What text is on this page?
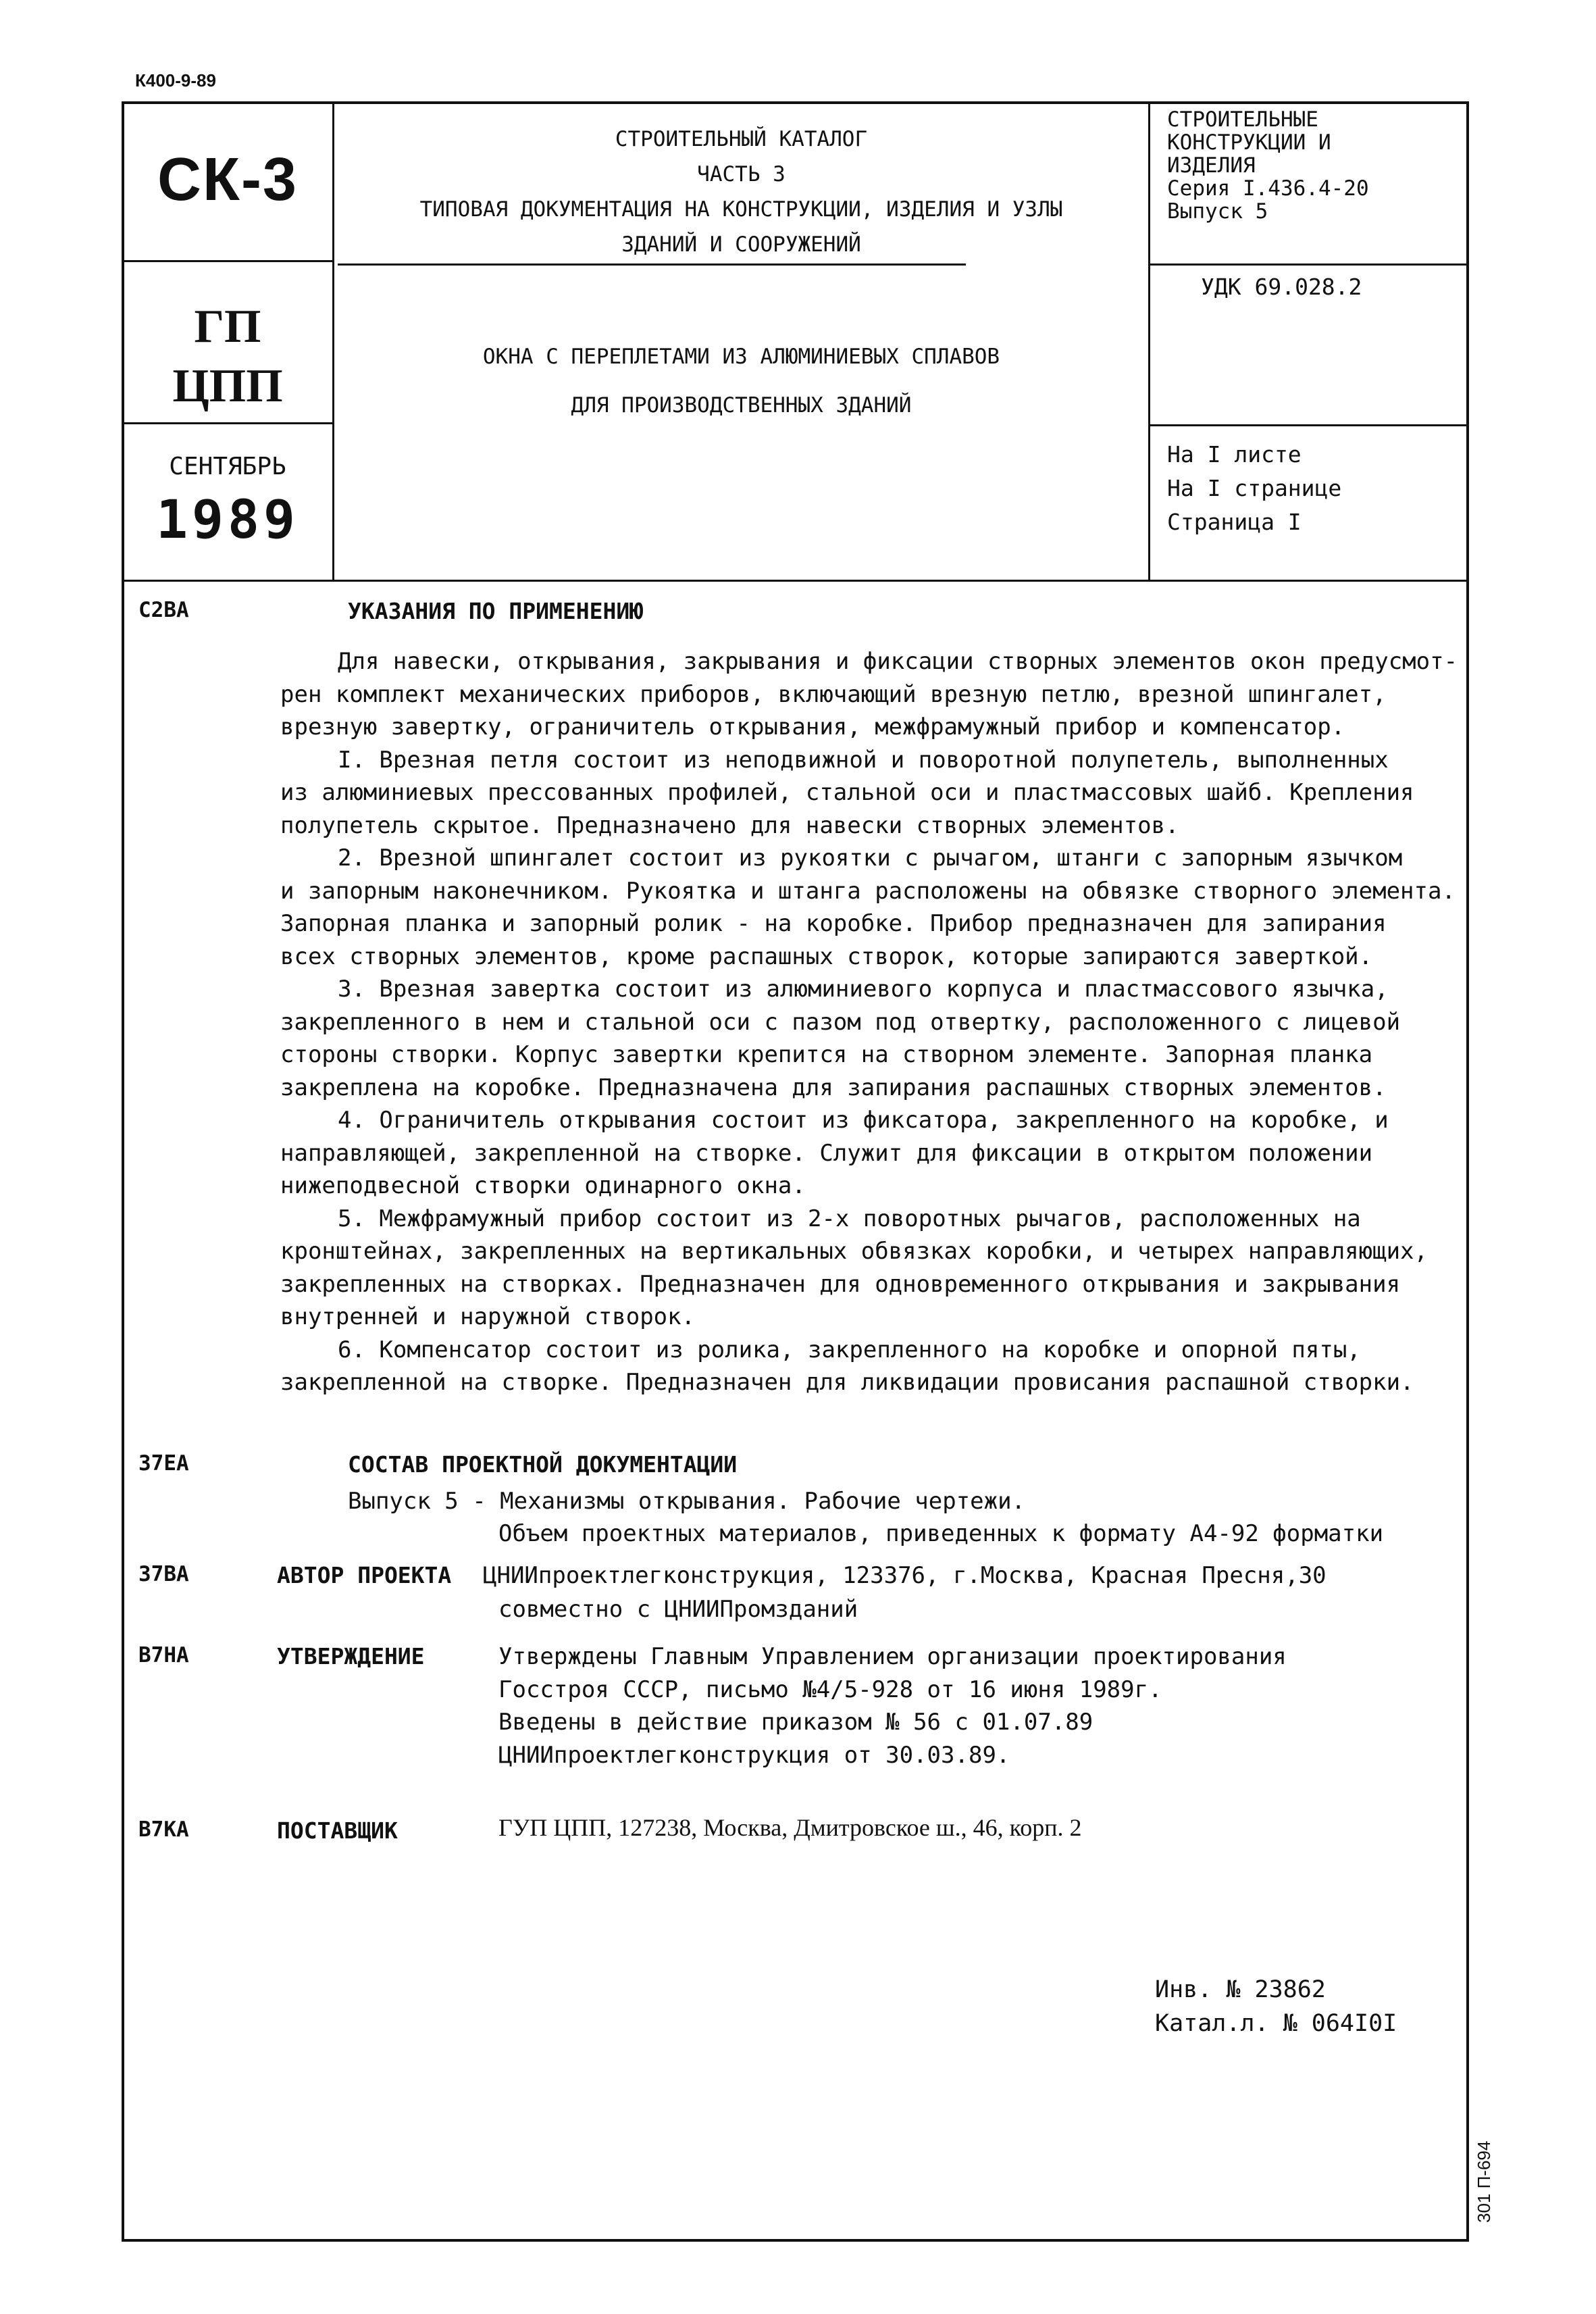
К400-9-89
СК-3
ГП
ЦПП
СЕНТЯБРЬ
1989
СТРОИТЕЛЬНЫЙ КАТАЛОГ
ЧАСТЬ 3
ТИПОВАЯ ДОКУМЕНТАЦИЯ НА КОНСТРУКЦИИ, ИЗДЕЛИЯ И УЗЛЫ
ЗДАНИЙ И СООРУЖЕНИЙ
ОКНА С ПЕРЕПЛЕТАМИ ИЗ АЛЮМИНИЕВЫХ СПЛАВОВ
ДЛЯ ПРОИЗВОДСТВЕННЫХ ЗДАНИЙ
СТРОИТЕЛЬНЫЕ
КОНСТРУКЦИИ И
ИЗДЕЛИЯ
Серия I.436.4-20
Выпуск 5
УДК 69.028.2
На I листе
На I странице
Страница I
С2ВА	УКАЗАНИЯ ПО ПРИМЕНЕНИЮ
Для навески, открывания, закрывания и фиксации створных элементов окон предусмот-
рен комплект механических приборов, включающий врезную петлю, врезной шпингалет,
врезную завертку, ограничитель открывания, межфрамужный прибор и компенсатор.
I. Врезная петля состоит из неподвижной и поворотной полупетель, выполненных
из алюминиевых прессованных профилей, стальной оси и пластмассовых шайб. Крепления
полупетель скрытое. Предназначено для навески створных элементов.
2. Врезной шпингалет состоит из рукоятки с рычагом, штанги с запорным язычком
и запорным наконечником. Рукоятка и штанга расположены на обвязке створного элемента.
Запорная планка и запорный ролик - на коробке. Прибор предназначен для запирания
всех створных элементов, кроме распашных створок, которые запираются заверткой.
3. Врезная завертка состоит из алюминиевого корпуса и пластмассового язычка,
закрепленного в нем и стальной оси с пазом под отвертку, расположенного с лицевой
стороны створки. Корпус завертки крепится на створном элементе. Запорная планка
закреплена на коробке. Предназначена для запирания распашных створных элементов.
4. Ограничитель открывания состоит из фиксатора, закрепленного на коробке, и
направляющей, закрепленной на створке. Служит для фиксации в открытом положении
нижеподвесной створки одинарного окна.
5. Межфрамужный прибор состоит из 2-х поворотных рычагов, расположенных на
кронштейнах, закрепленных на вертикальных обвязках коробки, и четырех направляющих,
закрепленных на створках. Предназначен для одновременного открывания и закрывания
внутренней и наружной створок.
6. Компенсатор состоит из ролика, закрепленного на коробке и опорной пяты,
закрепленной на створке. Предназначен для ликвидации провисания распашной створки.
37ЕА	СОСТАВ ПРОЕКТНОЙ ДОКУМЕНТАЦИИ
Выпуск 5 - Механизмы открывания. Рабочие чертежи.
Объем проектных материалов, приведенных к формату А4-92 форматки
37ВА	АВТОР ПРОЕКТА ЦНИИпроектлегконструкция, 123376, г.Москва, Красная Пресня,30
совместно с ЦНИИПромзданий
В7НА	УТВЕРЖДЕНИЕ	Утверждены Главным Управлением организации проектирования
Госстроя СССР, письмо №4/5-928 от 16 июня 1989г.
Введены в действие приказом № 56 с 01.07.89
ЦНИИпроектлегконструкция от 30.03.89.
В7КА	ПОСТАВЩИК	ГУП ЦПП, 127238, Москва, Дмитровское ш., 46, корп. 2
Инв. № 23862
Катал.л. № 064I0I
301 П-694
